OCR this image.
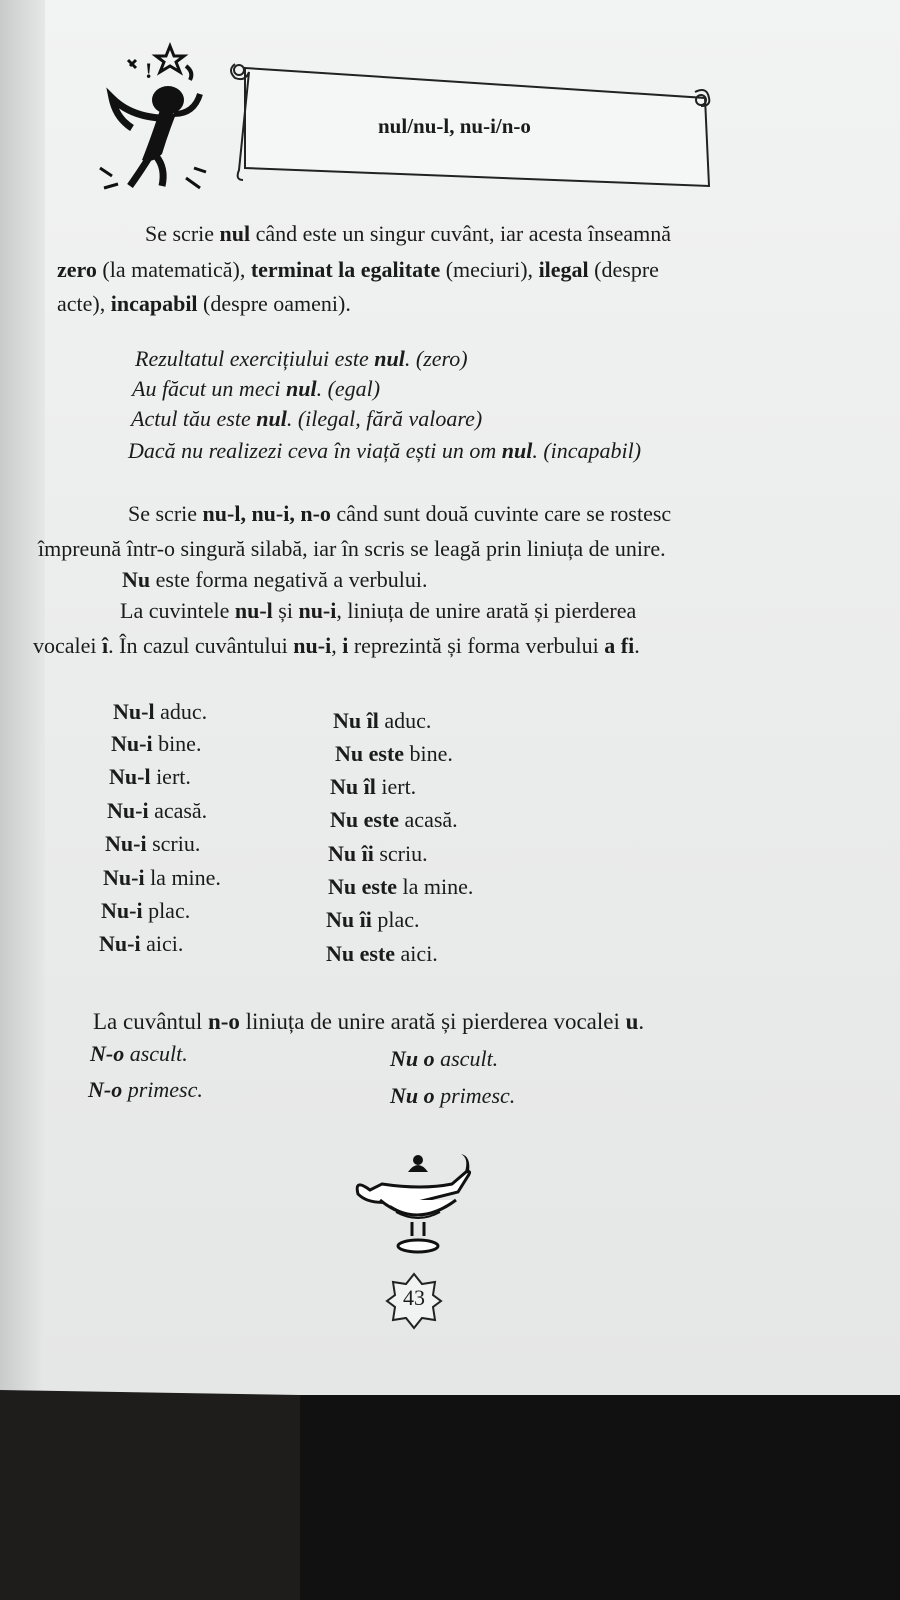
!
nul/nu-l, nu-i/n-o
Se scrie nul când este un singur cuvânt, iar acesta înseamnă
zero (la matematică), terminat la egalitate (meciuri), ilegal (despre
acte), incapabil (despre oameni).
Rezultatul exercițiului este nul. (zero)
Au făcut un meci nul. (egal)
Actul tău este nul. (ilegal, fără valoare)
Dacă nu realizezi ceva în viață ești un om nul. (incapabil)
Se scrie nu-l, nu-i, n-o când sunt două cuvinte care se rostesc
împreună într-o singură silabă, iar în scris se leagă prin liniuța de unire.
Nu este forma negativă a verbului.
La cuvintele nu-l și nu-i, liniuța de unire arată și pierderea
vocalei î. În cazul cuvântului nu-i, i reprezintă și forma verbului a fi.
Nu-l aduc.	Nu îl aduc.
Nu-i bine.	Nu este bine.
Nu-l iert.	Nu îl iert.
Nu-i acasă.	Nu este acasă.
Nu-i scriu.	Nu îi scriu.
Nu-i la mine.	Nu este la mine.
Nu-i plac.	Nu îi plac.
Nu-i aici.	Nu este aici.
La cuvântul n-o liniuța de unire arată și pierderea vocalei u.
N-o ascult.	Nu o ascult.
N-o primesc.	Nu o primesc.
43
